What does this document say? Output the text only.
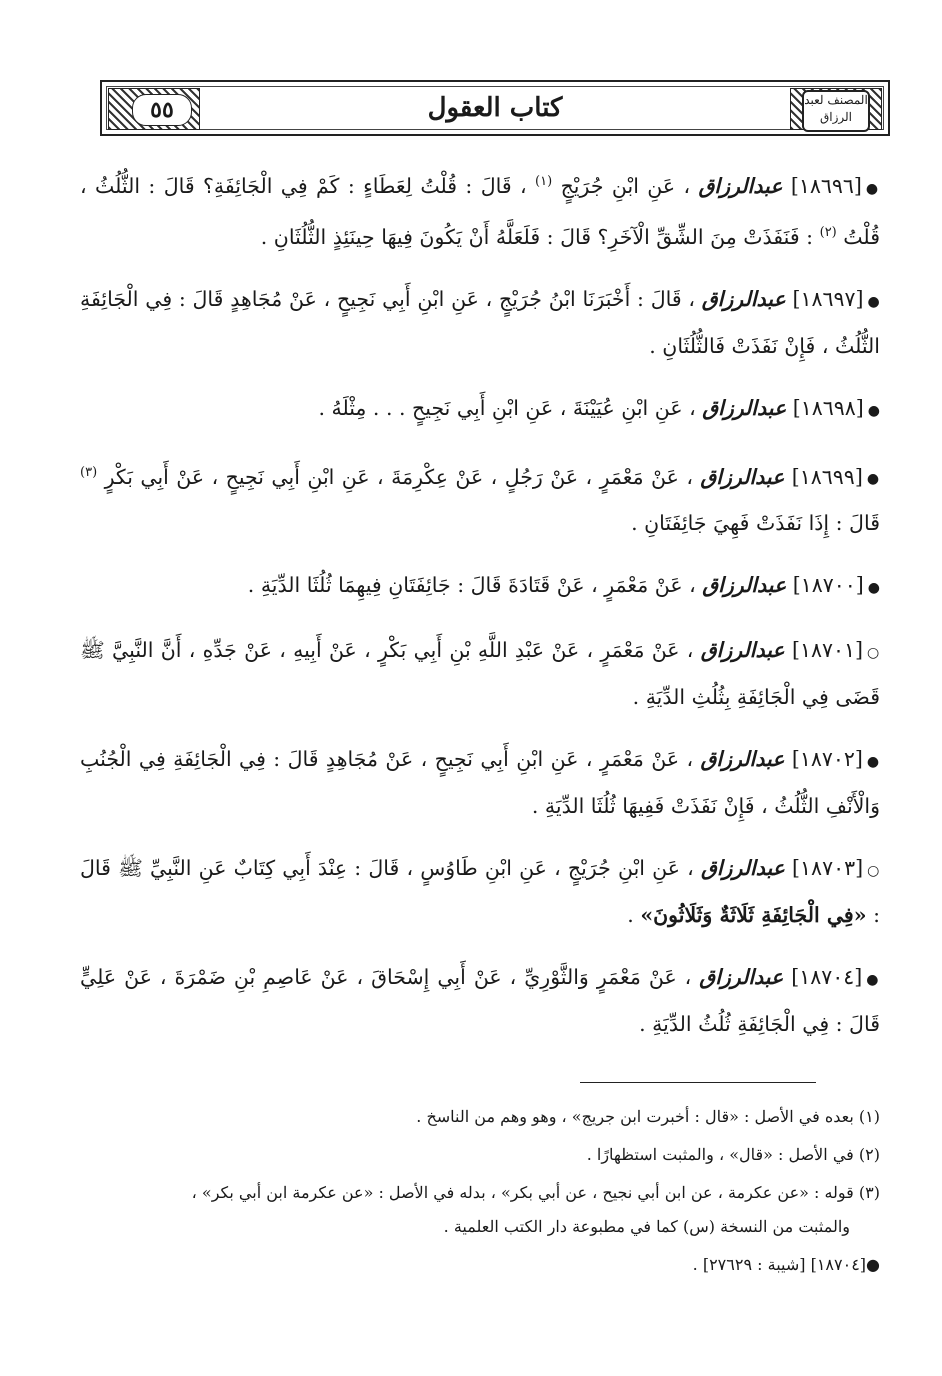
٥٥	المصنف لعبد الرزاق
كتاب العقول
●[١٨٦٩٦] عبدالرزاق ، عَنِ ابْنِ جُرَيْجٍ $^{(١)}$ ، قَالَ : قُلْتُ لِعَطَاءٍ : كَمْ فِي الْجَائِفَةِ؟ قَالَ : الثُّلُثُ ، قُلْتُ $^{(٢)}$ : فَنَفَذَتْ مِنَ الشِّقِّ الْآخَرِ؟ قَالَ : فَلَعَلَّهُ أَنْ يَكُونَ فِيهَا حِينَئِذٍ الثُّلُثَانِ .
●[١٨٦٩٧] عبدالرزاق ، قَالَ : أَخْبَرَنَا ابْنُ جُرَيْجٍ ، عَنِ ابْنِ أَبِي نَجِيحٍ ، عَنْ مُجَاهِدٍ قَالَ : فِي الْجَائِفَةِ الثُّلُثُ ، فَإِنْ نَفَذَتْ فَالثُّلُثَانِ .
●[١٨٦٩٨] عبدالرزاق ، عَنِ ابْنِ عُيَيْنَةَ ، عَنِ ابْنِ أَبِي نَجِيحٍ . . . مِثْلَهُ .
●[١٨٦٩٩] عبدالرزاق ، عَنْ مَعْمَرٍ ، عَنْ رَجُلٍ ، عَنْ عِكْرِمَةَ ، عَنِ ابْنِ أَبِي نَجِيحٍ ، عَنْ أَبِي بَكْرٍ $^{(٣)}$ قَالَ : إِذَا نَفَذَتْ فَهِيَ جَائِفَتَانِ .
●[١٨٧٠٠] عبدالرزاق ، عَنْ مَعْمَرٍ ، عَنْ قَتَادَةَ قَالَ : جَائِفَتَانِ فِيهِمَا ثُلُثَا الدِّيَةِ .
○[١٨٧٠١] عبدالرزاق ، عَنْ مَعْمَرٍ ، عَنْ عَبْدِ اللَّهِ بْنِ أَبِي بَكْرٍ ، عَنْ أَبِيهِ ، عَنْ جَدِّهِ ، أَنَّ النَّبِيَّ ﷺ قَضَى فِي الْجَائِفَةِ بِثُلُثِ الدِّيَةِ .
●[١٨٧٠٢] عبدالرزاق ، عَنْ مَعْمَرٍ ، عَنِ ابْنِ أَبِي نَجِيحٍ ، عَنْ مُجَاهِدٍ قَالَ : فِي الْجَائِفَةِ فِي الْجُنُبِ وَالْأَنْفِ الثُّلُثُ ، فَإِنْ نَفَذَتْ فَفِيهَا ثُلُثَا الدِّيَةِ .
○[١٨٧٠٣] عبدالرزاق ، عَنِ ابْنِ جُرَيْجٍ ، عَنِ ابْنِ طَاوُسٍ ، قَالَ : عِنْدَ أَبِي كِتَابٌ عَنِ النَّبِيِّ ﷺ قَالَ : «فِي الْجَائِفَةِ ثَلَاثَةٌ وَثَلَاثُونَ» .
●[١٨٧٠٤] عبدالرزاق ، عَنْ مَعْمَرٍ وَالثَّوْرِيِّ ، عَنْ أَبِي إِسْحَاقَ ، عَنْ عَاصِمِ بْنِ ضَمْرَةَ ، عَنْ عَلِيٍّ قَالَ : فِي الْجَائِفَةِ ثُلُثُ الدِّيَةِ .
(١) بعده في الأصل : «قال : أخبرت ابن جريج» ، وهو وهم من الناسخ .
(٢) في الأصل : «قال» ، والمثبت استظهارًا .
(٣) قوله : «عن عكرمة ، عن ابن أبي نجيح ، عن أبي بكر» ، بدله في الأصل : «عن عكرمة ابن أبي بكر» ،
والمثبت من النسخة (س) كما في مطبوعة دار الكتب العلمية .
●[١٨٧٠٤] [شيبة : ٢٧٦٢٩] .
